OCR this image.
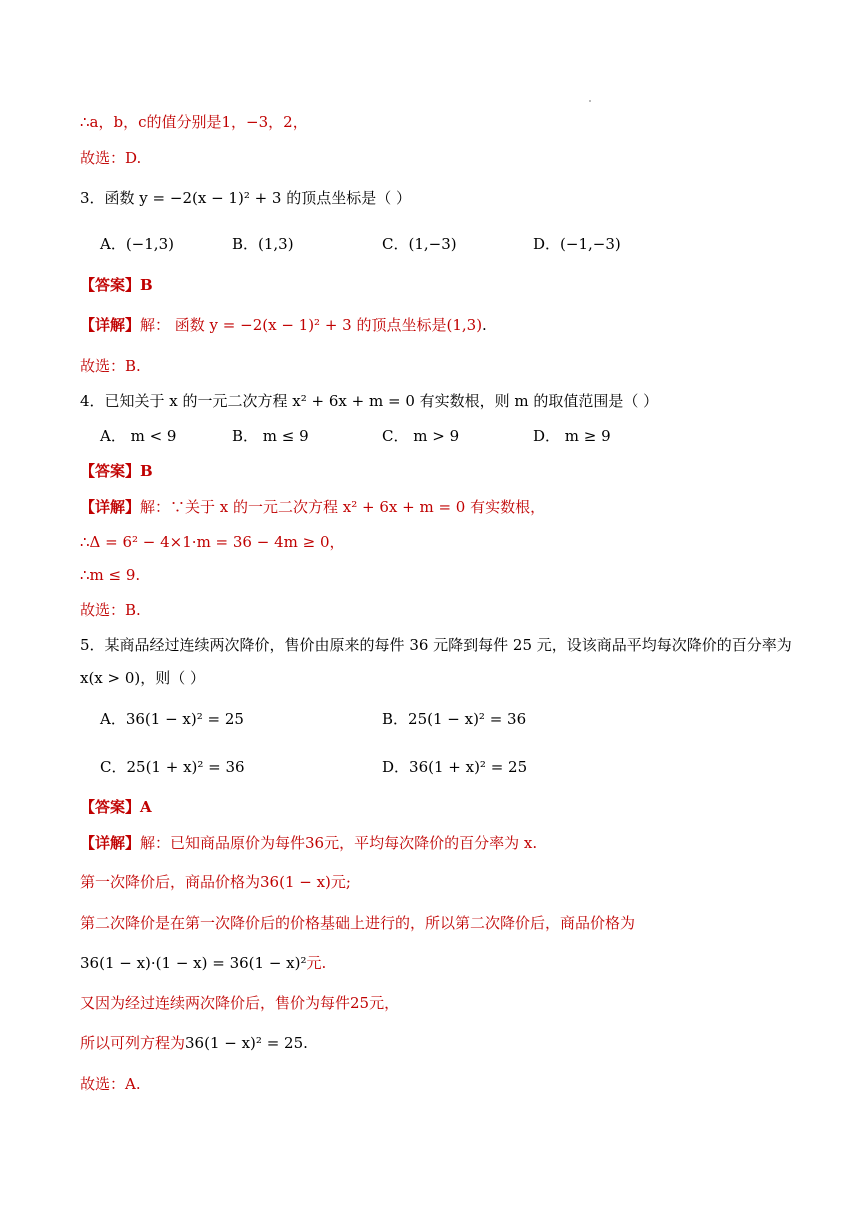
∴a，b，c的值分别是1，−3，2，
故选：D.
3．函数 y = −2(x − 1)² + 3 的顶点坐标是（ ）
A．(−1,3)	B．(1,3)	C．(1,−3)	D．(−1,−3)
【答案】B
【详解】解： 函数 y = −2(x − 1)² + 3 的顶点坐标是(1,3).
故选：B.
4．已知关于 x 的一元二次方程 x² + 6x + m = 0 有实数根，则 m 的取值范围是（ ）
A． m < 9	B． m ≤ 9	C． m > 9	D． m ≥ 9
【答案】B
【详解】解：∵关于 x 的一元二次方程 x² + 6x + m = 0 有实数根，
∴Δ = 6² − 4×1·m = 36 − 4m ≥ 0，
∴m ≤ 9.
故选：B.
5．某商品经过连续两次降价，售价由原来的每件 36 元降到每件 25 元，设该商品平均每次降价的百分率为
x(x > 0)，则（ ）
A．36(1 − x)² = 25	B．25(1 − x)² = 36
C．25(1 + x)² = 36	D．36(1 + x)² = 25
【答案】A
【详解】解：已知商品原价为每件36元，平均每次降价的百分率为 x.
第一次降价后，商品价格为36(1 − x)元;
第二次降价是在第一次降价后的价格基础上进行的，所以第二次降价后，商品价格为
36(1 − x)·(1 − x) = 36(1 − x)²元.
又因为经过连续两次降价后，售价为每件25元，
所以可列方程为36(1 − x)² = 25.
故选：A.
